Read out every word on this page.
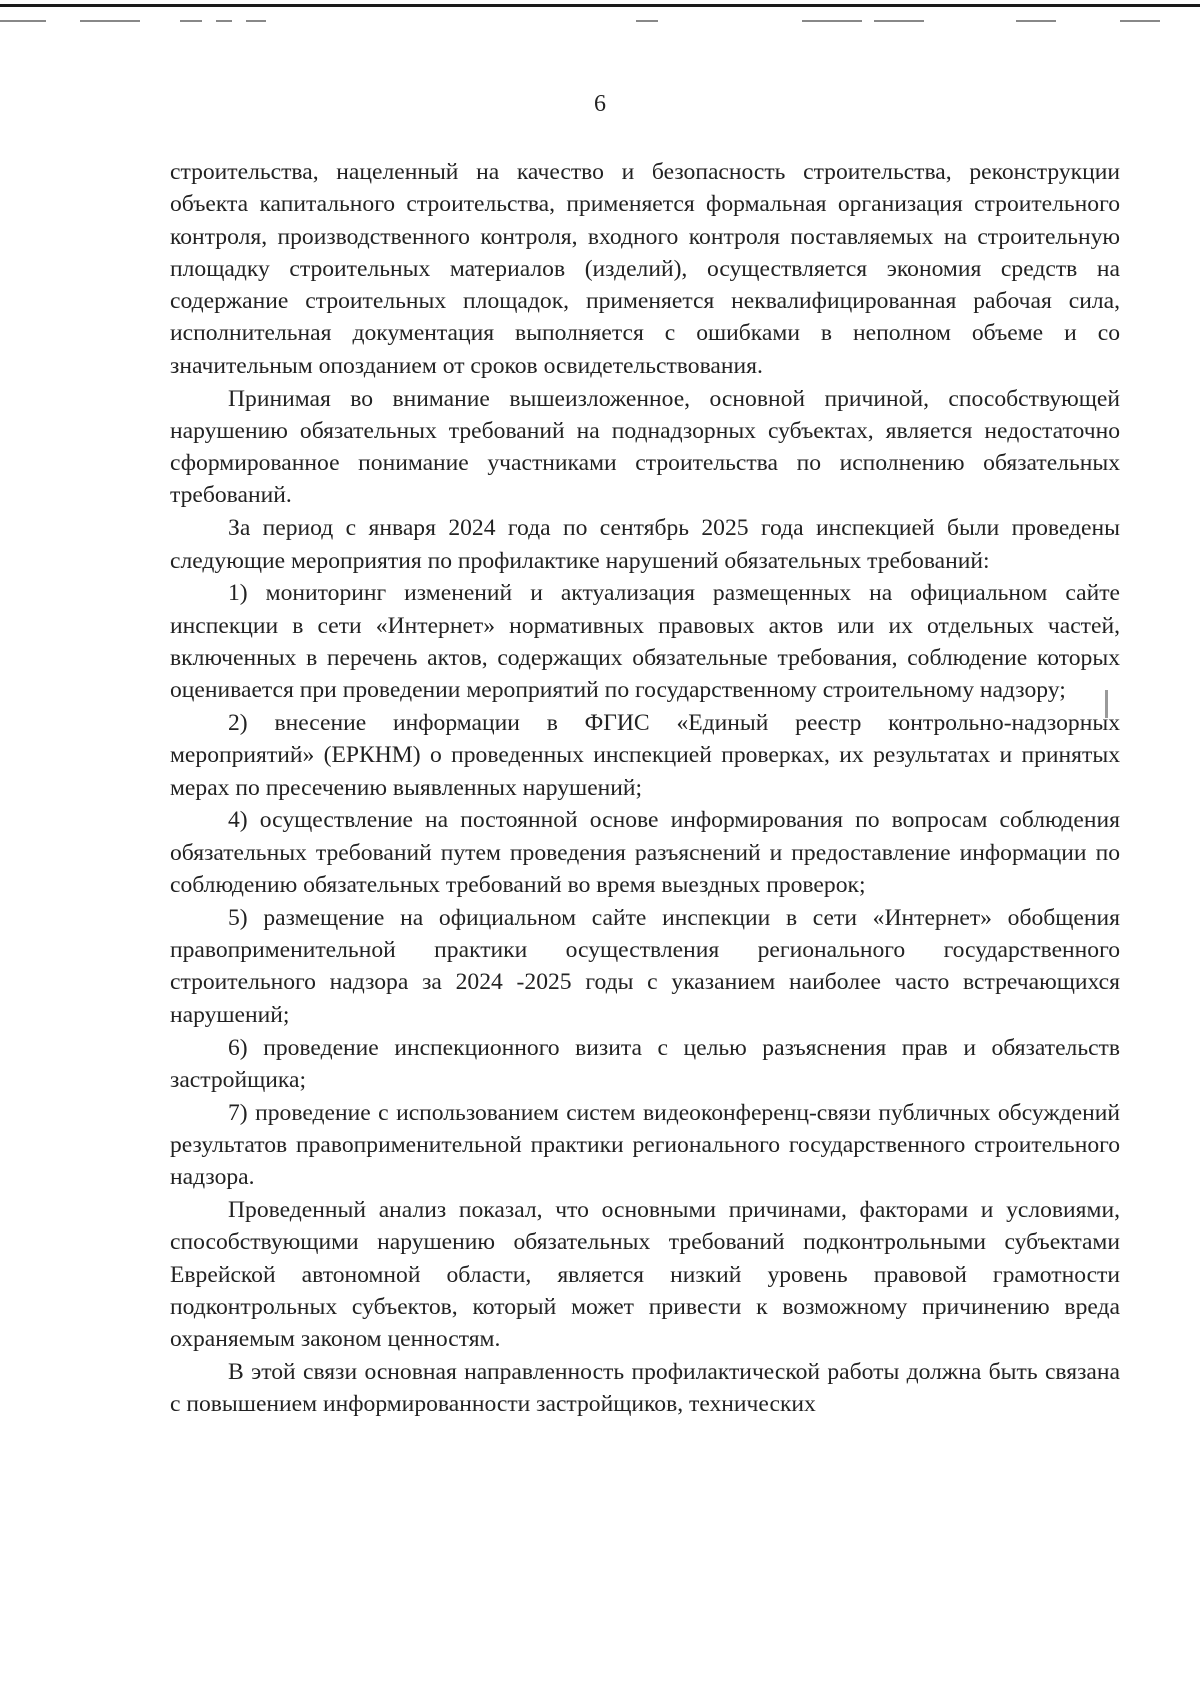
6

строительства, нацеленный на качество и безопасность строительства, реконструкции объекта капитального строительства, применяется формальная организация строительного контроля, производственного контроля, входного контроля поставляемых на строительную площадку строительных материалов (изделий), осуществляется экономия средств на содержание строительных площадок, применяется неквалифицированная рабочая сила, исполнительная документация выполняется с ошибками в неполном объеме и со значительным опозданием от сроков освидетельствования.

Принимая во внимание вышеизложенное, основной причиной, способствующей нарушению обязательных требований на поднадзорных субъектах, является недостаточно сформированное понимание участниками строительства по исполнению обязательных требований.

За период с января 2024 года по сентябрь 2025 года инспекцией были проведены следующие мероприятия по профилактике нарушений обязательных требований:

1) мониторинг изменений и актуализация размещенных на официальном сайте инспекции в сети «Интернет» нормативных правовых актов или их отдельных частей, включенных в перечень актов, содержащих обязательные требования, соблюдение которых оценивается при проведении мероприятий по государственному строительному надзору;

2) внесение информации в ФГИС «Единый реестр контрольно-надзорных мероприятий» (ЕРКНМ) о проведенных инспекцией проверках, их результатах и принятых мерах по пресечению выявленных нарушений;

4) осуществление на постоянной основе информирования по вопросам соблюдения обязательных требований путем проведения разъяснений и предоставление информации по соблюдению обязательных требований во время выездных проверок;

5) размещение на официальном сайте инспекции в сети «Интернет» обобщения правоприменительной практики осуществления регионального государственного строительного надзора за 2024 -2025 годы с указанием наиболее часто встречающихся нарушений;

6) проведение инспекционного визита с целью разъяснения прав и обязательств застройщика;

7) проведение с использованием систем видеоконференц-связи публичных обсуждений результатов правоприменительной практики регионального государственного строительного надзора.

Проведенный анализ показал, что основными причинами, факторами и условиями, способствующими нарушению обязательных требований подконтрольными субъектами Еврейской автономной области, является низкий уровень правовой грамотности подконтрольных субъектов, который может привести к возможному причинению вреда охраняемым законом ценностям.

В этой связи основная направленность профилактической работы должна быть связана с повышением информированности застройщиков, технических
